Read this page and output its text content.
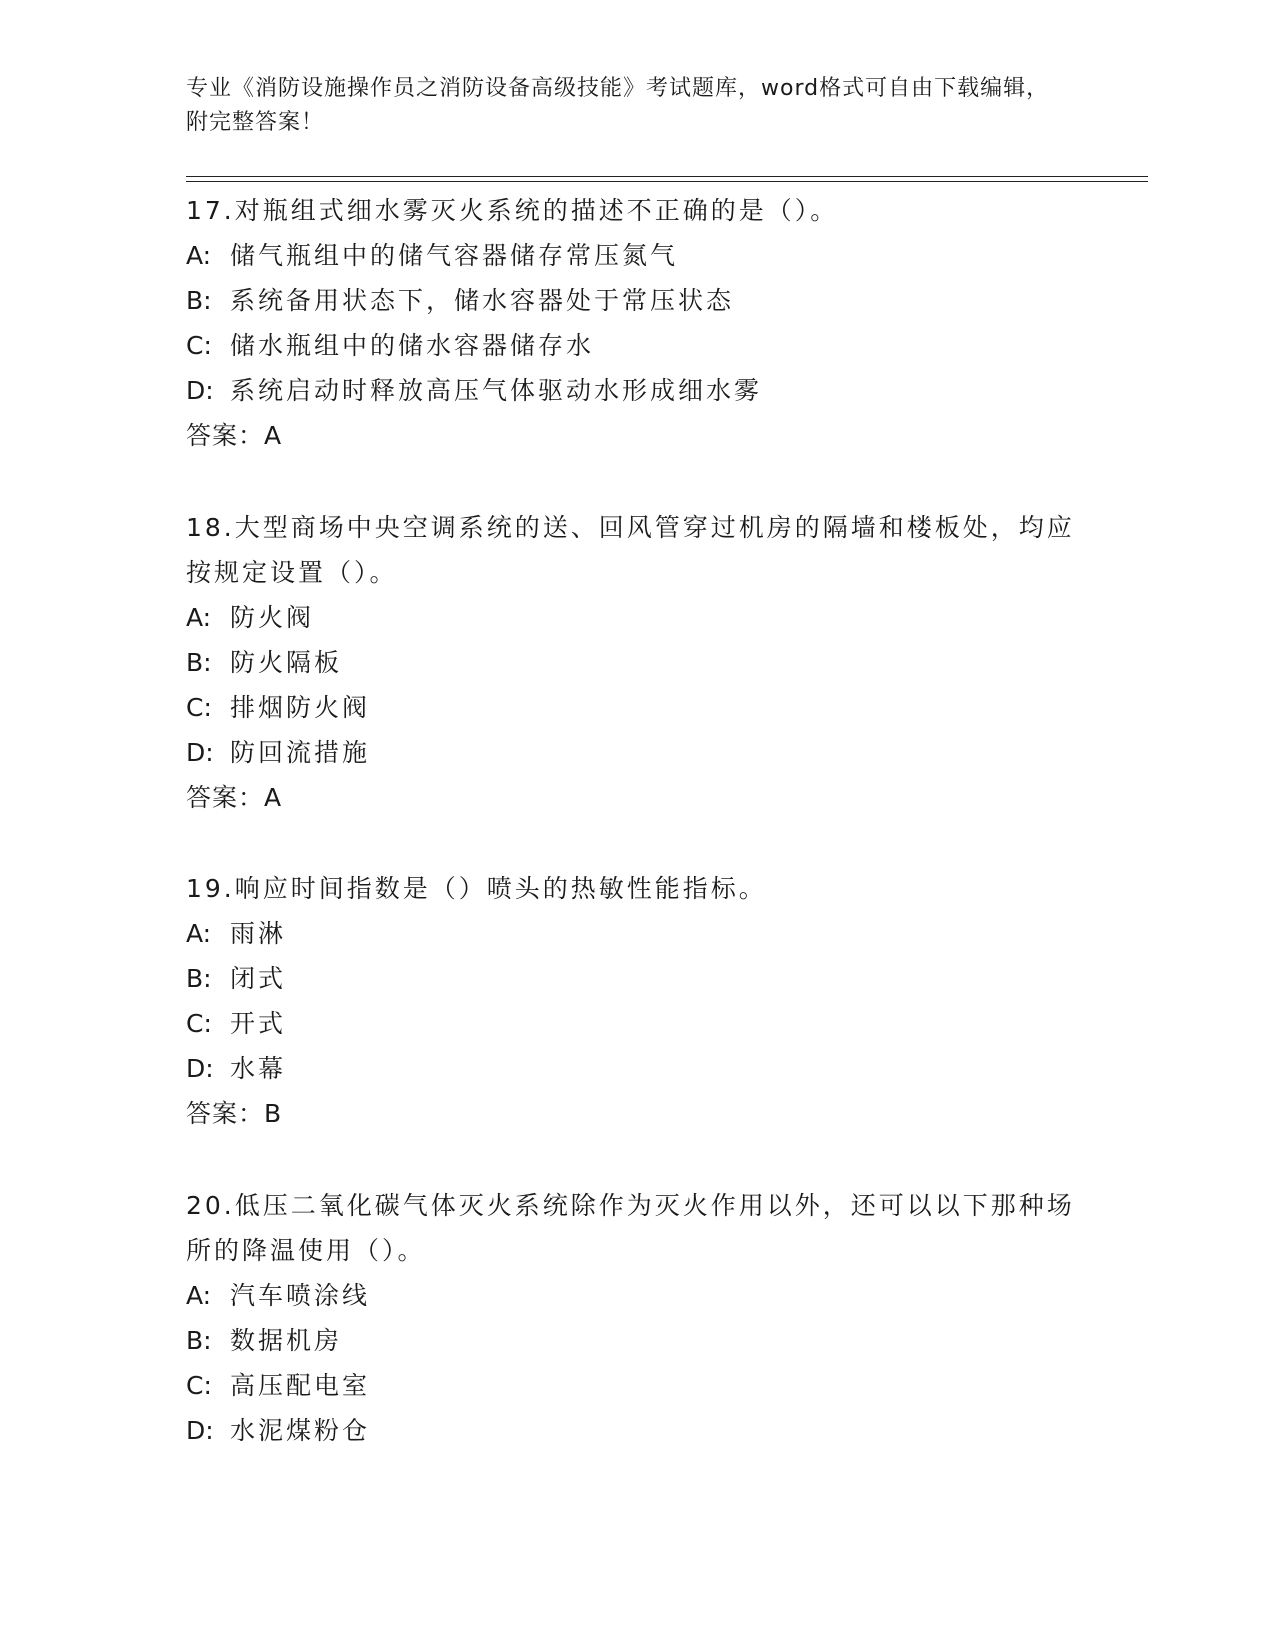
专业《消防设施操作员之消防设备高级技能》考试题库，word格式可自由下载编辑，附完整答案！

17.对瓶组式细水雾灭火系统的描述不正确的是（）。

A: 储气瓶组中的储气容器储存常压氮气

B: 系统备用状态下，储水容器处于常压状态

C: 储水瓶组中的储水容器储存水

D: 系统启动时释放高压气体驱动水形成细水雾

答案：A

18.大型商场中央空调系统的送、回风管穿过机房的隔墙和楼板处，均应按规定设置（）。

A: 防火阀

B: 防火隔板

C: 排烟防火阀

D: 防回流措施

答案：A

19.响应时间指数是（）喷头的热敏性能指标。

A: 雨淋

B: 闭式

C: 开式

D: 水幕

答案：B

20.低压二氧化碳气体灭火系统除作为灭火作用以外，还可以以下那种场所的降温使用（）。

A: 汽车喷涂线

B: 数据机房

C: 高压配电室

D: 水泥煤粉仓
